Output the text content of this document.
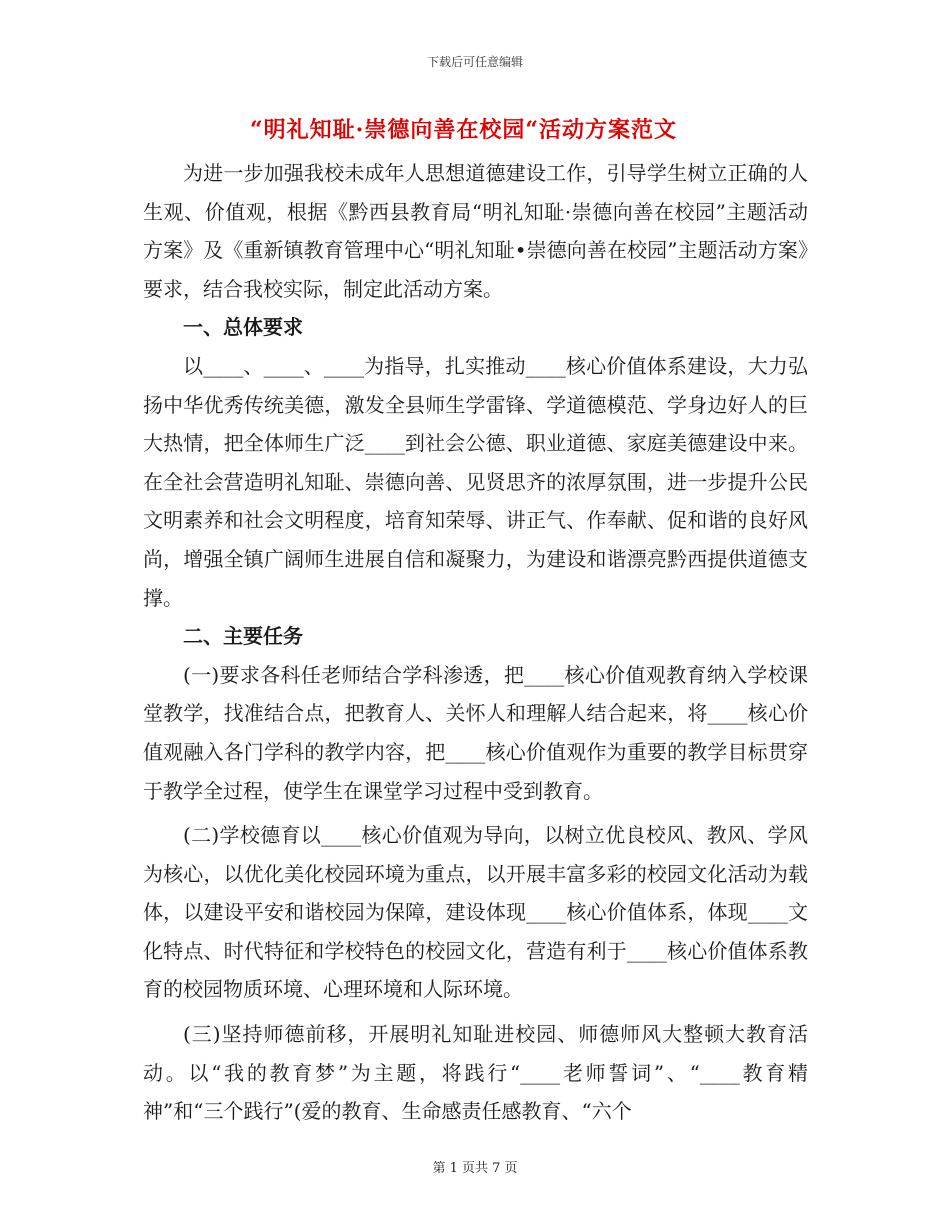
下载后可任意编辑
“明礼知耻·崇德向善在校园“活动方案范文

为进一步加强我校未成年人思想道德建设工作，引导学生树立正确的人生观、价值观，根据《黔西县教育局“明礼知耻·崇德向善在校园”主题活动方案》及《重新镇教育管理中心“明礼知耻•崇德向善在校园”主题活动方案》要求，结合我校实际，制定此活动方案。

一、总体要求

以____、____、____为指导，扎实推动____核心价值体系建设，大力弘扬中华优秀传统美德，激发全县师生学雷锋、学道德模范、学身边好人的巨大热情，把全体师生广泛____到社会公德、职业道德、家庭美德建设中来。在全社会营造明礼知耻、崇德向善、见贤思齐的浓厚氛围，进一步提升公民文明素养和社会文明程度，培育知荣辱、讲正气、作奉献、促和谐的良好风尚，增强全镇广阔师生进展自信和凝聚力，为建设和谐漂亮黔西提供道德支撑。

二、主要任务

(一)要求各科任老师结合学科渗透，把____核心价值观教育纳入学校课堂教学，找准结合点，把教育人、关怀人和理解人结合起来，将____核心价值观融入各门学科的教学内容，把____核心价值观作为重要的教学目标贯穿于教学全过程，使学生在课堂学习过程中受到教育。

(二)学校德育以____核心价值观为导向，以树立优良校风、教风、学风为核心，以优化美化校园环境为重点，以开展丰富多彩的校园文化活动为载体，以建设平安和谐校园为保障，建设体现____核心价值体系，体现____文化特点、时代特征和学校特色的校园文化，营造有利于____核心价值体系教育的校园物质环境、心理环境和人际环境。

(三)坚持师德前移，开展明礼知耻进校园、师德师风大整顿大教育活动。以“我的教育梦”为主题，将践行“____老师誓词”、“____教育精神”和“三个践行”(爱的教育、生命感责任感教育、“六个

第 1 页共 7 页
